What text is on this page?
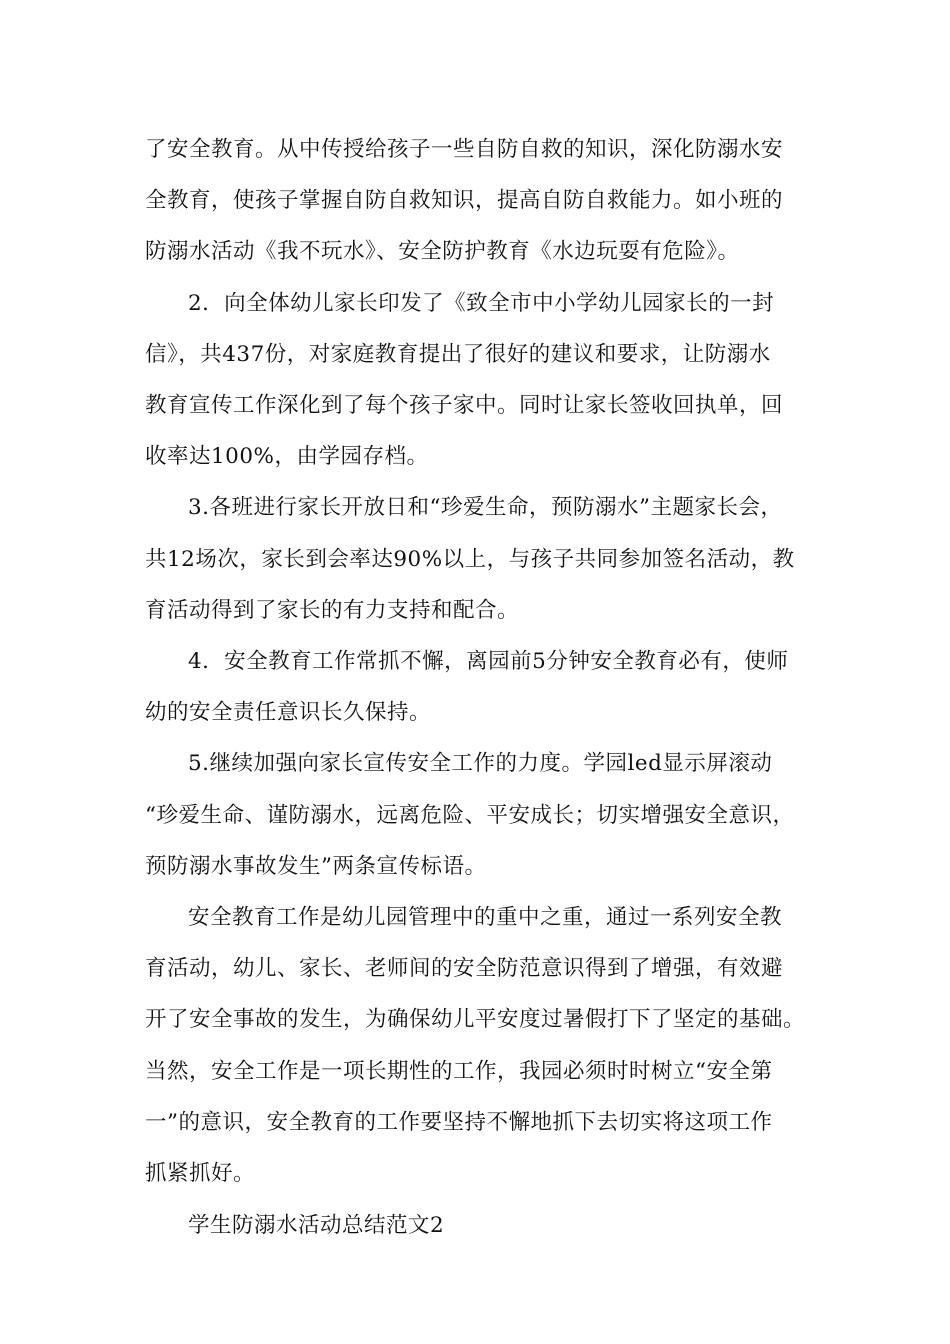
了安全教育。从中传授给孩子一些自防自救的知识，深化防溺水安
全教育，使孩子掌握自防自救知识，提高自防自救能力。如小班的
防溺水活动《我不玩水》、安全防护教育《水边玩耍有危险》。
2．向全体幼儿家长印发了《致全市中小学幼儿园家长的一封
信》，共437份，对家庭教育提出了很好的建议和要求，让防溺水
教育宣传工作深化到了每个孩子家中。同时让家长签收回执单，回
收率达100%，由学园存档。
3.各班进行家长开放日和“珍爱生命，预防溺水”主题家长会，
共12场次，家长到会率达90%以上，与孩子共同参加签名活动，教
育活动得到了家长的有力支持和配合。
4．安全教育工作常抓不懈，离园前5分钟安全教育必有，使师
幼的安全责任意识长久保持。
5.继续加强向家长宣传安全工作的力度。学园led显示屏滚动
“珍爱生命、谨防溺水，远离危险、平安成长；切实增强安全意识，
预防溺水事故发生”两条宣传标语。
安全教育工作是幼儿园管理中的重中之重，通过一系列安全教
育活动，幼儿、家长、老师间的安全防范意识得到了增强，有效避
开了安全事故的发生，为确保幼儿平安度过暑假打下了坚定的基础。
当然，安全工作是一项长期性的工作，我园必须时时树立“安全第
一”的意识，安全教育的工作要坚持不懈地抓下去切实将这项工作
抓紧抓好。
学生防溺水活动总结范文2
